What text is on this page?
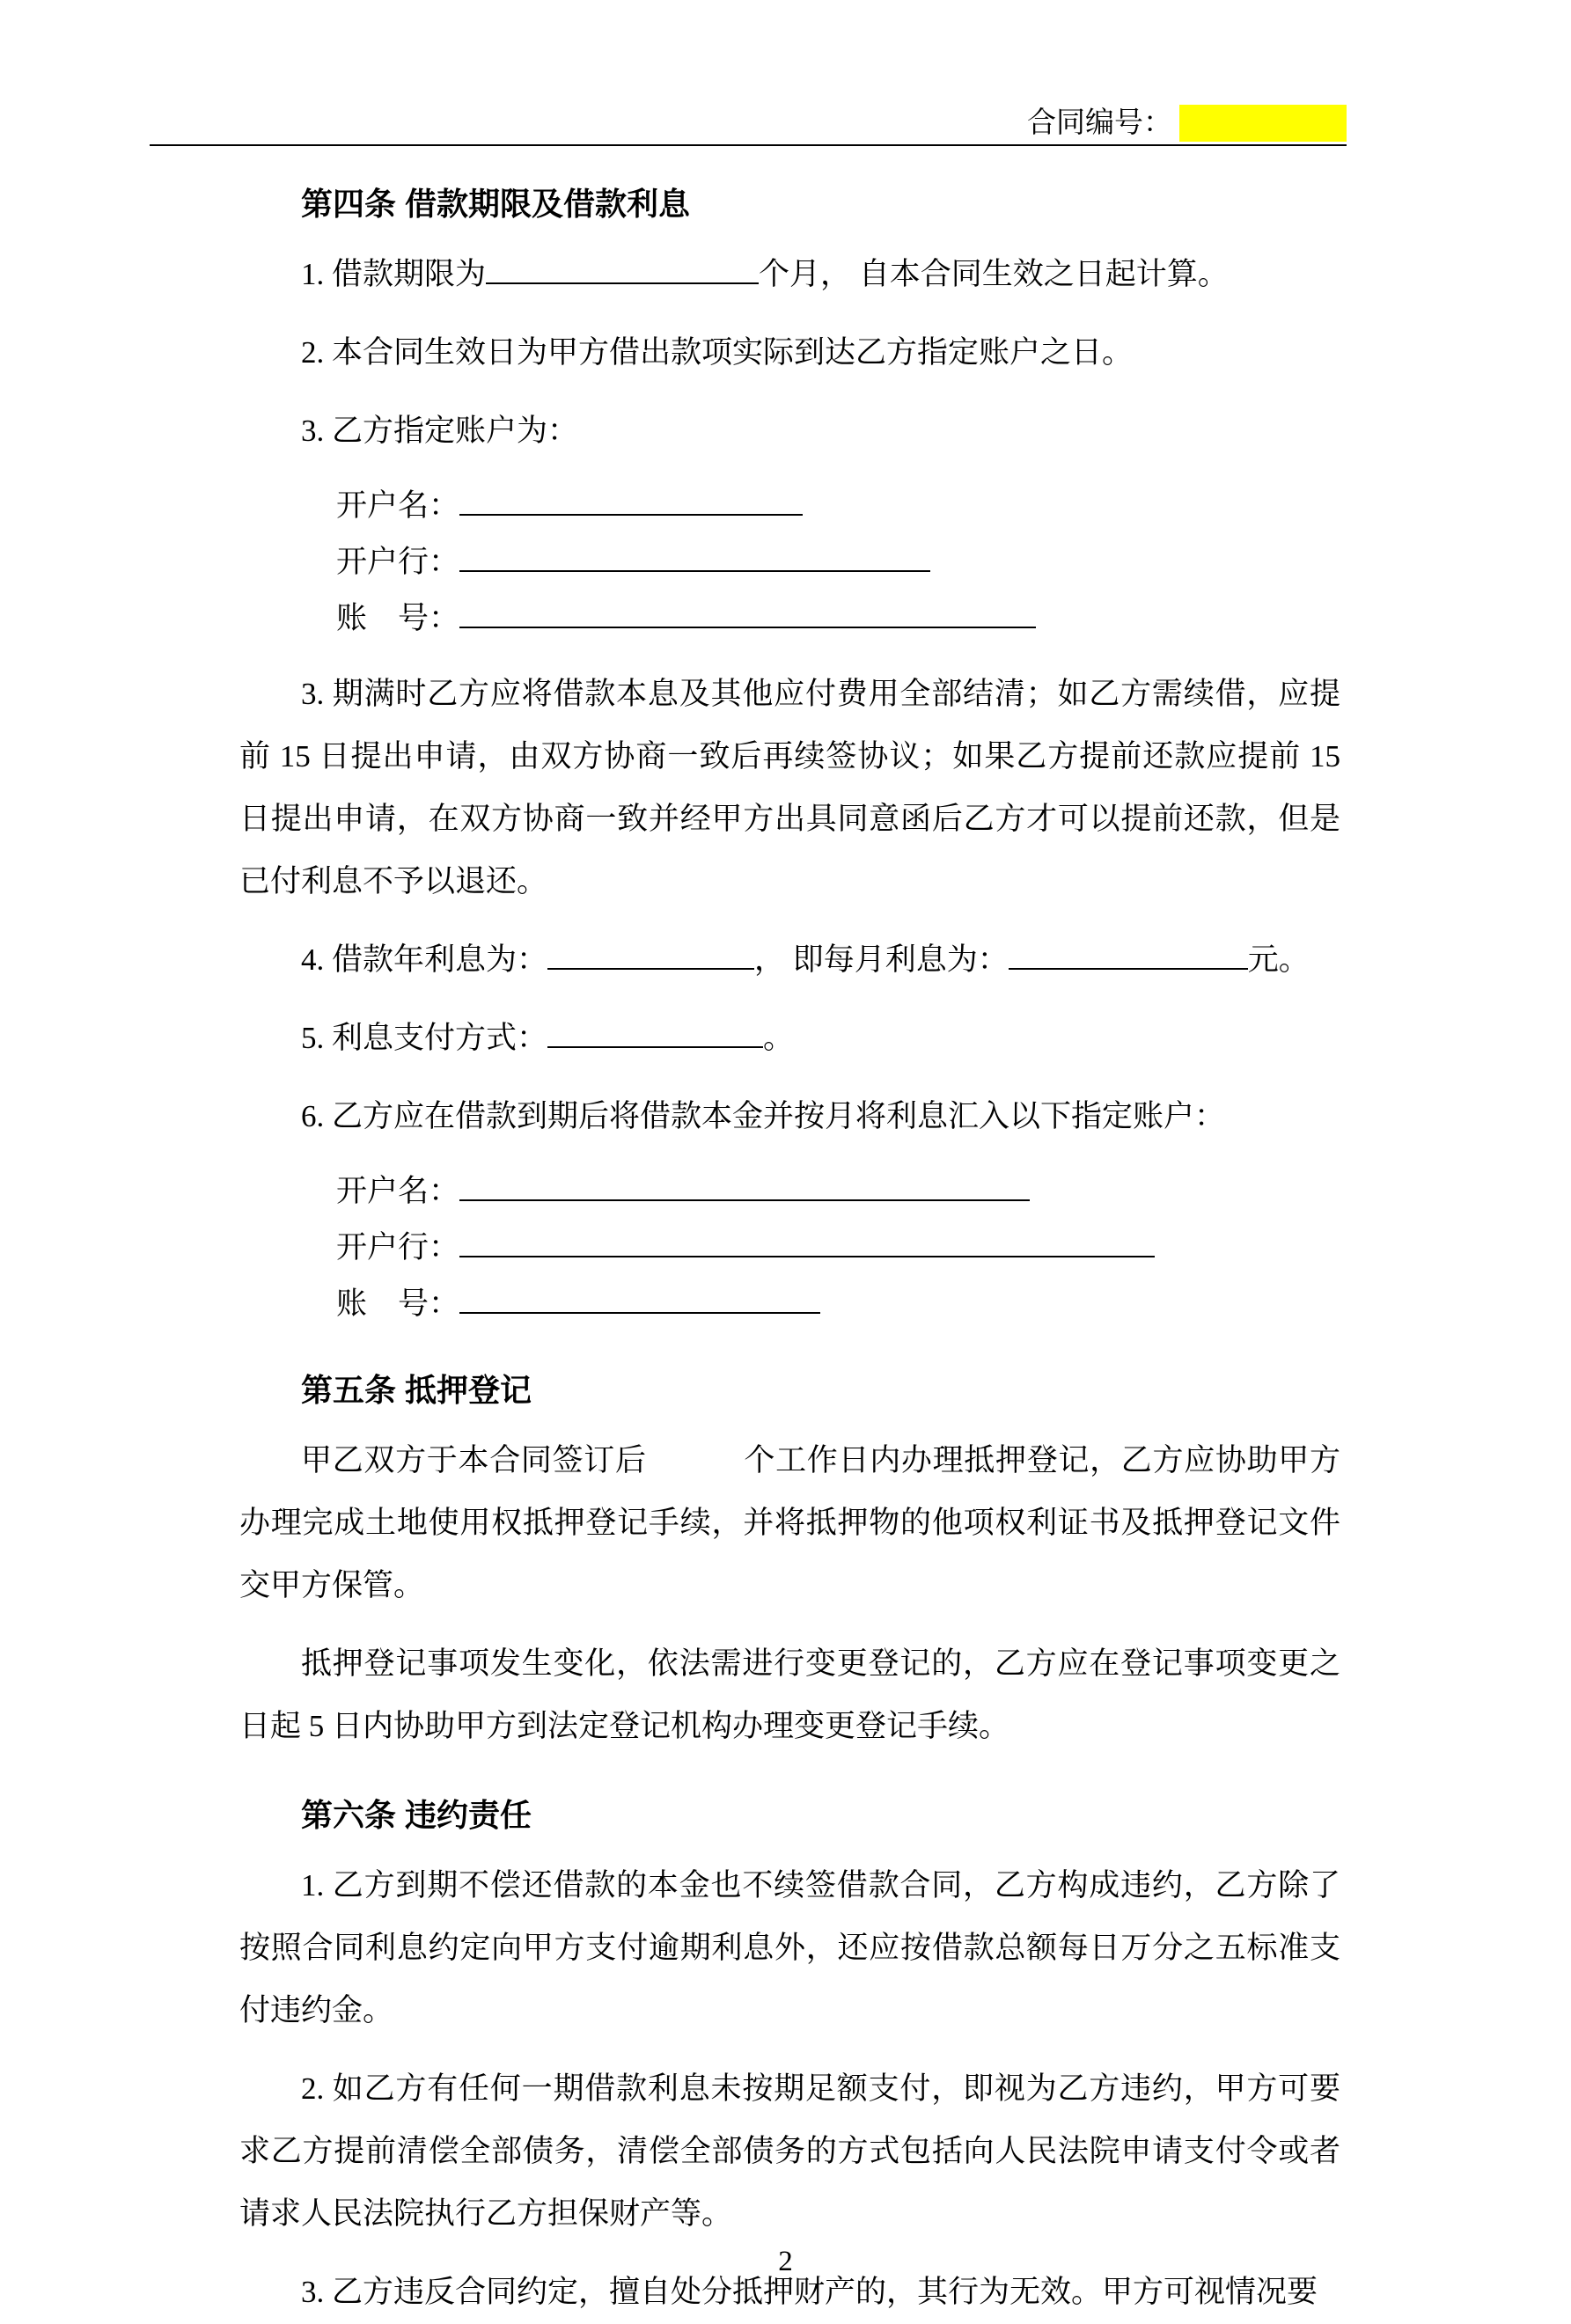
合同编号：
第四条 借款期限及借款利息

1. 借款期限为	个月， 自本合同生效之日起计算。

2. 本合同生效日为甲方借出款项实际到达乙方指定账户之日。

3. 乙方指定账户为：

开户名：

开户行：

账　号：

3. 期满时乙方应将借款本息及其他应付费用全部结清；如乙方需续借，应提前 15 日提出申请，由双方协商一致后再续签协议；如果乙方提前还款应提前 15 日提出申请，在双方协商一致并经甲方出具同意函后乙方才可以提前还款，但是已付利息不予以退还。

4. 借款年利息为：	， 即每月利息为：	元。

5. 利息支付方式：	。

6. 乙方应在借款到期后将借款本金并按月将利息汇入以下指定账户：

开户名：

开户行：

账　号：

第五条 抵押登记

甲乙双方于本合同签订后	个工作日内办理抵押登记，乙方应协助甲方办理完成土地使用权抵押登记手续，并将抵押物的他项权利证书及抵押登记文件交甲方保管。

抵押登记事项发生变化，依法需进行变更登记的，乙方应在登记事项变更之日起 5 日内协助甲方到法定登记机构办理变更登记手续。

第六条 违约责任

1. 乙方到期不偿还借款的本金也不续签借款合同，乙方构成违约，乙方除了按照合同利息约定向甲方支付逾期利息外，还应按借款总额每日万分之五标准支付违约金。

2. 如乙方有任何一期借款利息未按期足额支付，即视为乙方违约，甲方可要求乙方提前清偿全部债务，清偿全部债务的方式包括向人民法院申请支付令或者请求人民法院执行乙方担保财产等。

3. 乙方违反合同约定，擅自处分抵押财产的，其行为无效。甲方可视情况要

2
